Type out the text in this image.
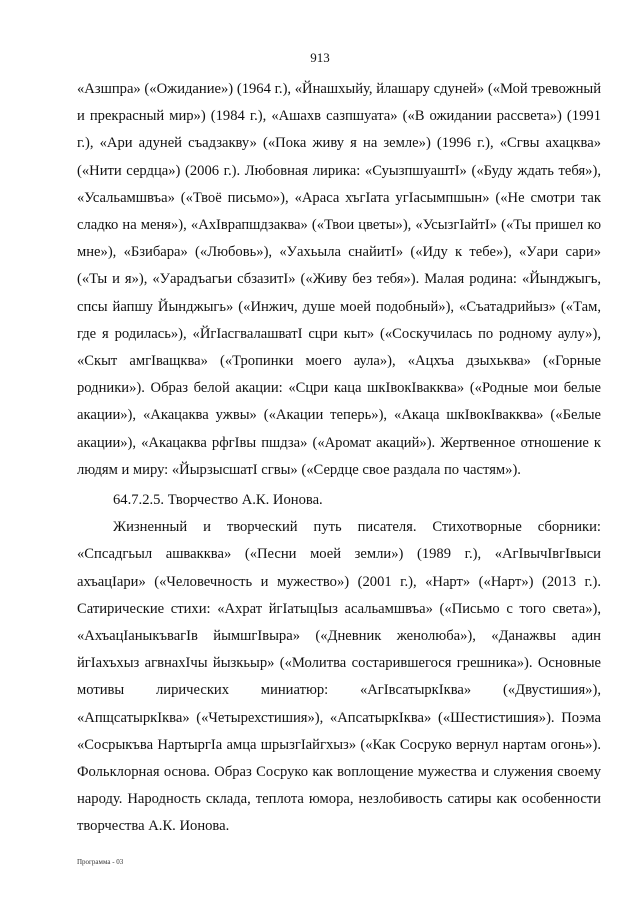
913

«Азшпра» («Ожидание») (1964 г.), «Йнашхыйу, йлашару сдуней» («Мой тревожный и прекрасный мир») (1984 г.), «Ашахв сазпшуата» («В ожидании рассвета») (1991 г.), «Ари адуней съадзакву» («Пока живу я на земле») (1996 г.), «Сгвы ахацква» («Нити сердца») (2006 г.). Любовная лирика: «СуызпшуаштI» («Буду ждать тебя»), «Усальамшвъа» («Твоё письмо»), «Араса хъгIата угIасымпшын» («Не смотри так сладко на меня»), «АхIврапшдзаква» («Твои цветы»), «УсызгIайтI» («Ты пришел ко мне»), «Бзибара» («Любовь»), «Уахьыла снайитI» («Иду к тебе»), «Уари сари» («Ты и я»), «Уарадъагьи сбзазитI» («Живу без тебя»). Малая родина: «Йынджыгь, спсы йапшу Йынджыгь» («Инжич, душе моей подобный»), «Съатадрийыз» («Там, где я родилась»), «ЙгIасгвалашватI сцри кыт» («Соскучилась по родному аулу»), «Скыт амгIващква» («Тропинки моего аула»), «Ацхъа дзыхьква» («Горные родники»). Образ белой акации: «Сцри каца шкIвокIвакква» («Родные мои белые акации»), «Акацаква ужвы» («Акации теперь»), «Акаца шкIвокIвакква» («Белые акации»), «Акацаква рфгIвы пшдза» («Аромат акаций»). Жертвенное отношение к людям и миру: «ЙырзысшатI сгвы» («Сердце свое раздала по частям»).

64.7.2.5. Творчество А.К. Ионова.

Жизненный и творческий путь писателя. Стихотворные сборники: «Спсадгьыл ашвакква» («Песни моей земли») (1989 г.), «АгIвычIвгIвыси ахъацIари» («Человечность и мужество») (2001 г.), «Нарт» («Нарт») (2013 г.). Сатирические стихи: «Ахрат йгIатыцIыз асальамшвъа» («Письмо с того света»), «АхъацIаныкъвагIв йымшгIвыра» («Дневник женолюба»), «Данажвы адин йгIахъхыз агвнахIчы йызкьыр» («Молитва состарившегося грешника»). Основные мотивы лирических миниатюр: «АгIвсатыркIква» («Двустишия»), «АпщсатыркIква» («Четырехстишия»), «АпсатыркIква» («Шестистишия»). Поэма «Сосрыкъва НартыргIа амца шрызгIайгхыз» («Как Сосруко вернул нартам огонь»). Фольклорная основа. Образ Сосруко как воплощение мужества и служения своему народу. Народность склада, теплота юмора, незлобивость сатиры как особенности творчества А.К. Ионова.

Программа - 03
